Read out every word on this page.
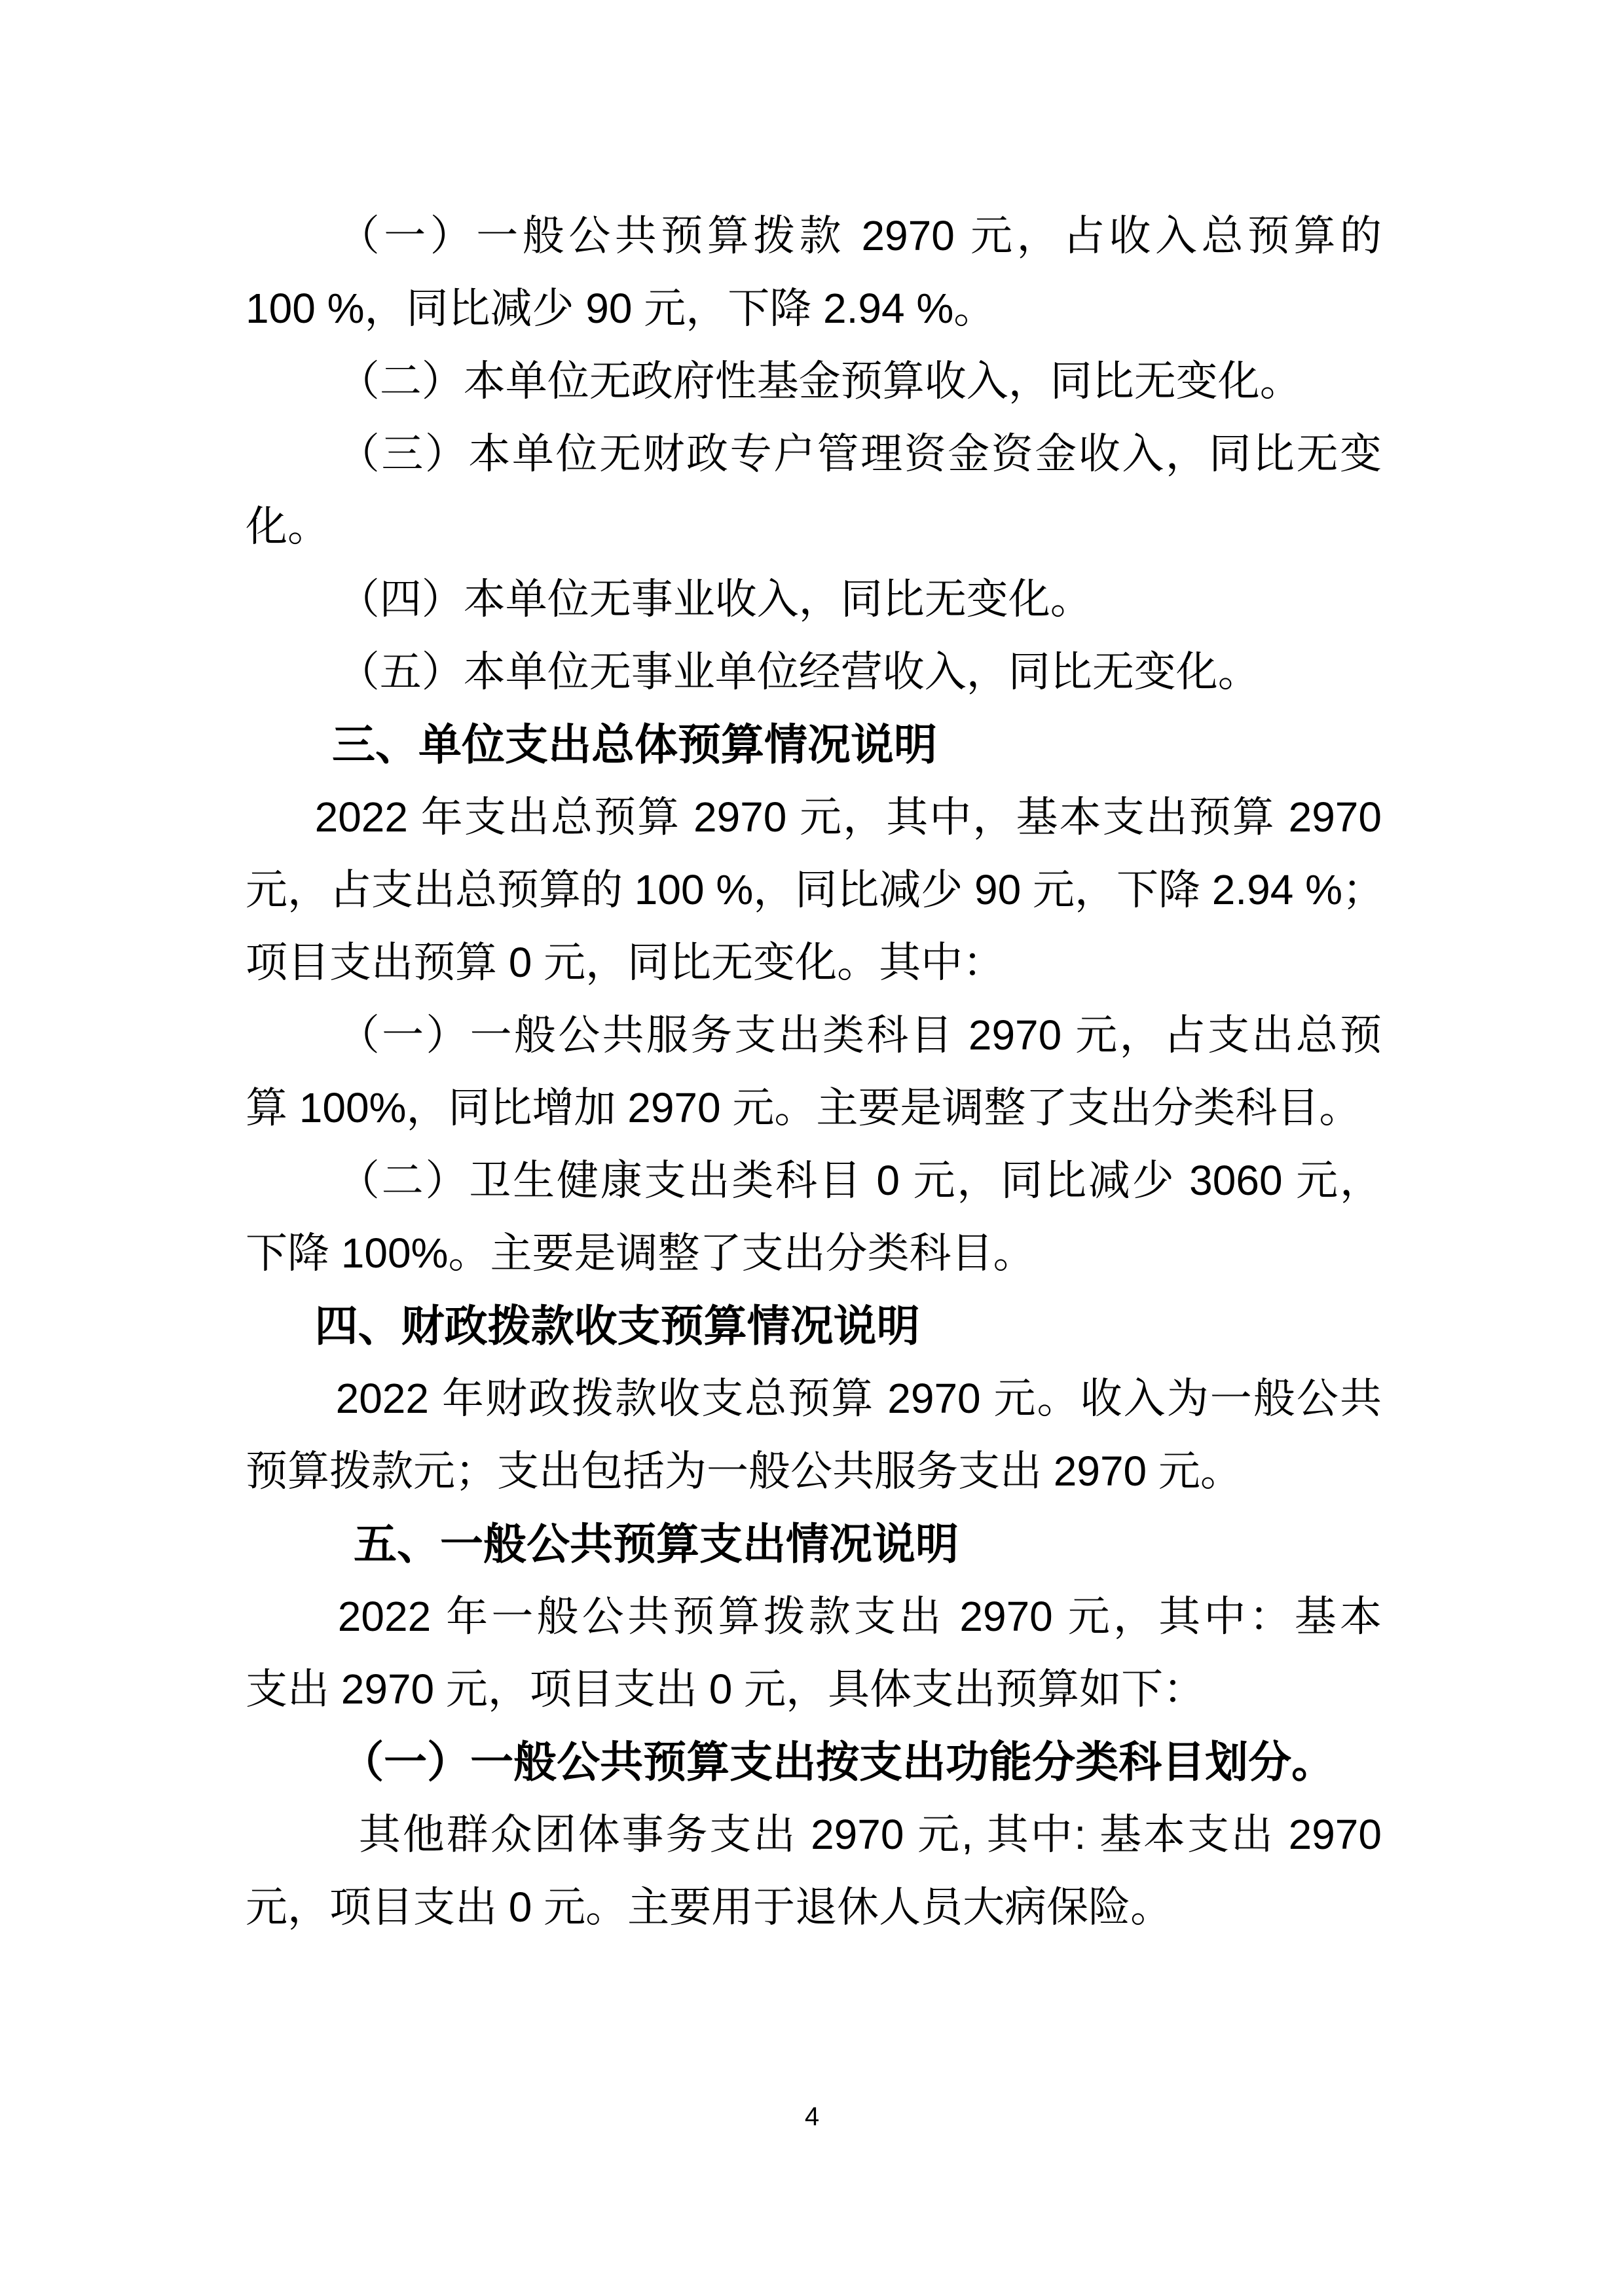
（一）一般公共预算拨款 2970 元，占收入总预算的
100 %，同比减少 90 元，下降 2.94 %。
（二）本单位无政府性基金预算收入，同比无变化。
（三）本单位无财政专户管理资金资金收入，同比无变
化。
（四）本单位无事业收入，同比无变化。
（五）本单位无事业单位经营收入，同比无变化。
三、单位支出总体预算情况说明
2022 年支出总预算 2970 元，其中，基本支出预算 2970
元，占支出总预算的 100 %，同比减少 90 元，下降 2.94 %；
项目支出预算 0 元，同比无变化。其中：
（一）一般公共服务支出类科目 2970 元，占支出总预
算 100%，同比增加 2970 元。主要是调整了支出分类科目。
（二）卫生健康支出类科目 0 元，同比减少 3060 元，
下降 100%。主要是调整了支出分类科目。
四、财政拨款收支预算情况说明
2022 年财政拨款收支总预算 2970 元。收入为一般公共
预算拨款元；支出包括为一般公共服务支出 2970 元。
五、一般公共预算支出情况说明
2022 年一般公共预算拨款支出 2970 元，其中：基本
支出 2970 元，项目支出 0 元，具体支出预算如下：
（一）一般公共预算支出按支出功能分类科目划分。
其他群众团体事务支出 2970 元, 其中: 基本支出 2970
元，项目支出 0 元。主要用于退休人员大病保险。
4
